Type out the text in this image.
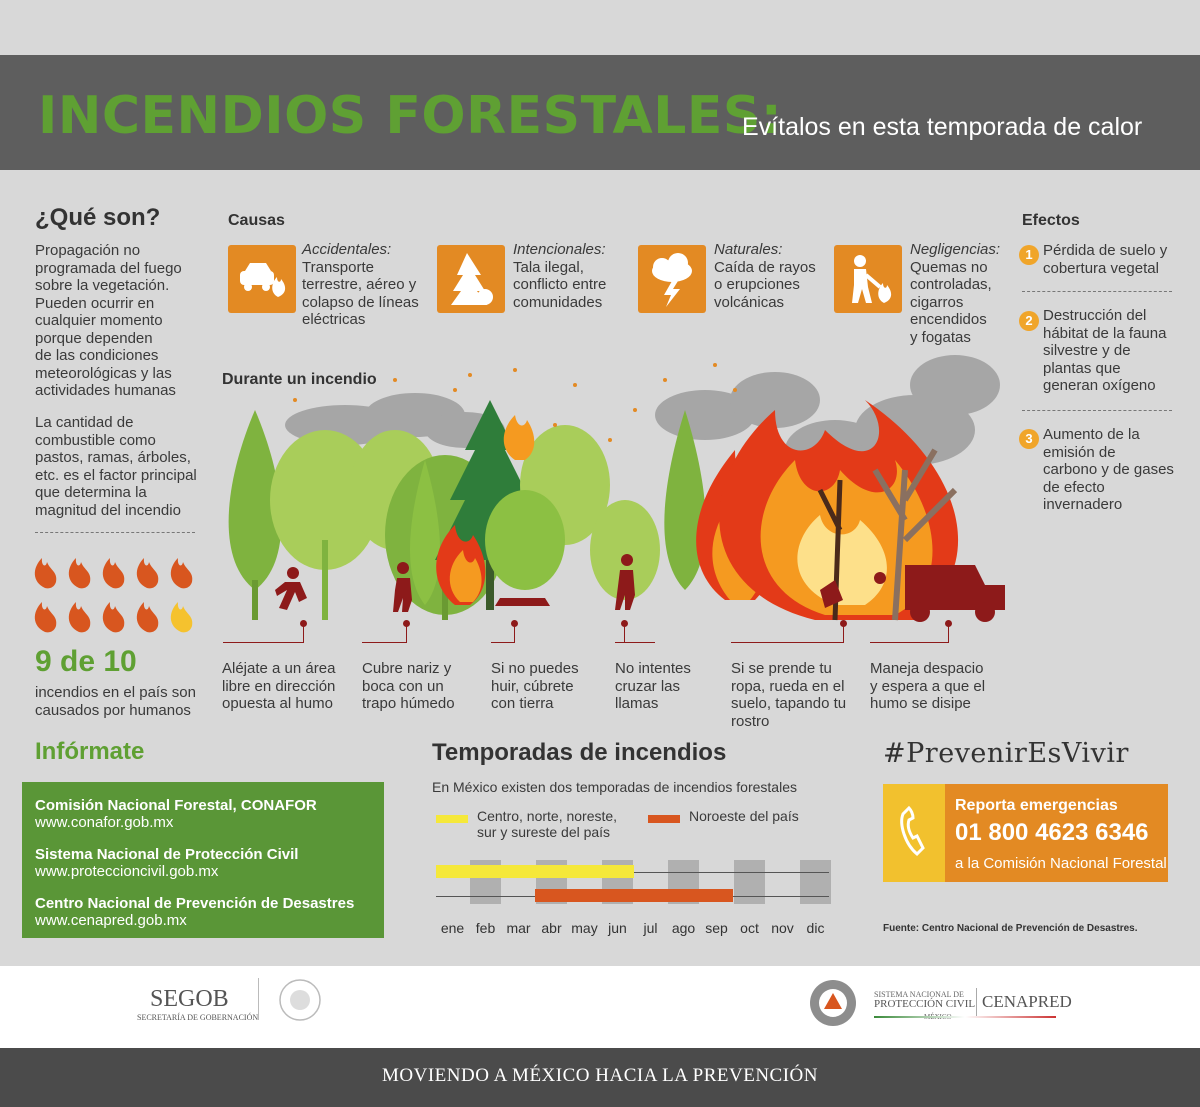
INCENDIOS FORESTALES:
Evítalos en esta temporada de calor
¿Qué son?
Propagación no
programada del fuego
sobre la vegetación.
Pueden ocurrir en
cualquier momento
porque dependen
de las condiciones
meteorológicas y las
actividades humanas
La cantidad de
combustible como
pastos, ramas, árboles,
etc. es el factor principal
que determina la
magnitud del incendio
9 de 10
incendios en el país son
causados por humanos
Causas
Accidentales:
Transporte
terrestre, aéreo y
colapso de líneas
eléctricas
Intencionales:
Tala ilegal,
conflicto entre
comunidades
Naturales:
Caída de rayos
o erupciones
volcánicas
Negligencias:
Quemas no
controladas,
cigarros
encendidos
y fogatas
Efectos
1 Pérdida de suelo y
cobertura vegetal
2 Destrucción del
hábitat de la fauna
silvestre y de
plantas que
generan oxígeno
3 Aumento de la
emisión de
carbono y de gases
de efecto
invernadero
Durante un incendio
Aléjate a un área
libre en dirección
opuesta al humo
Cubre nariz y
boca con un
trapo húmedo
Si no puedes
huir, cúbrete
con tierra
No intentes
cruzar las
llamas
Si se prende tu
ropa, rueda en el
suelo, tapando tu
rostro
Maneja despacio
y espera a que el
humo se disipe
Infórmate
Comisión Nacional Forestal, CONAFOR
www.conafor.gob.mx
Sistema Nacional de Protección Civil
www.proteccioncivil.gob.mx
Centro Nacional de Prevención de Desastres
www.cenapred.gob.mx
Temporadas de incendios
En México existen dos temporadas de incendios forestales
Centro, norte, noreste,
sur y sureste del país
Noroeste del país
ene feb mar abr may jun	jul	ago sep oct nov dic
#PrevenirEsVivir
Reporta emergencias
01 800 4623 6346
a la Comisión Nacional Forestal
Fuente: Centro Nacional de Prevención de Desastres.
SEGOB
SECRETARÍA DE GOBERNACIÓN
SISTEMA NACIONAL DE
PROTECCIÓN CIVIL CENAPRED
MOVIENDO A MÉXICO HACIA LA PREVENCIÓN
